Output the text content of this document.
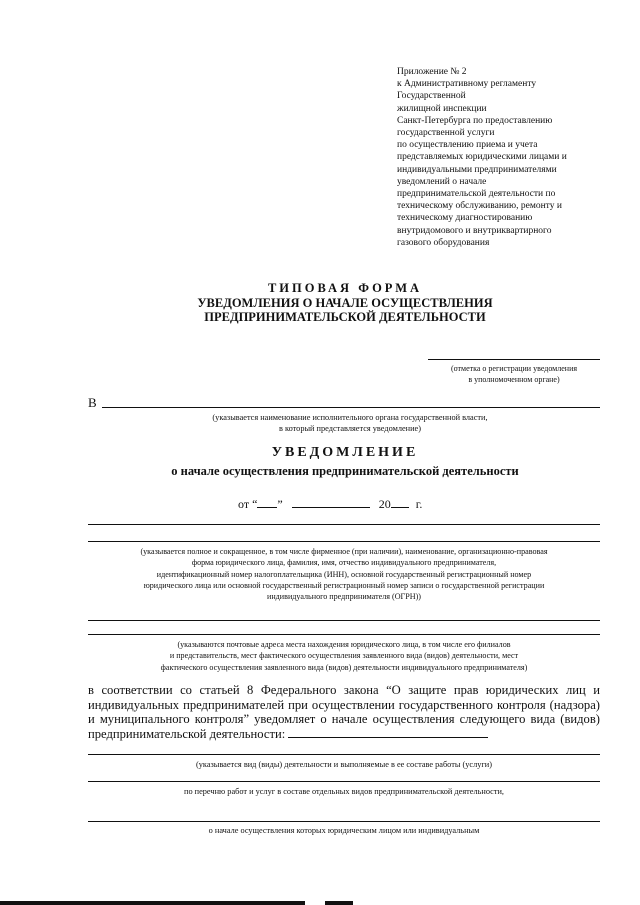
Приложение № 2
к Административному регламенту
Государственной
жилищной инспекции
Санкт-Петербурга по предоставлению
государственной услуги
по осуществлению приема и учета
представляемых юридическими лицами и
индивидуальными предпринимателями
уведомлений о начале
предпринимательской деятельности по
техническому обслуживанию, ремонту и
техническому диагностированию
внутридомового и внутриквартирного
газового оборудования
ТИПОВАЯ ФОРМА
УВЕДОМЛЕНИЯ О НАЧАЛЕ ОСУЩЕСТВЛЕНИЯ
ПРЕДПРИНИМАТЕЛЬСКОЙ ДЕЯТЕЛЬНОСТИ
(отметка о регистрации уведомления
в уполномоченном органе)
В
(указывается наименование исполнительного органа государственной власти,
в который представляется уведомление)
УВЕДОМЛЕНИЕ
о начале осуществления предпринимательской деятельности
от “ ”	20 г.
(указывается полное и сокращенное, в том числе фирменное (при наличии), наименование, организационно-правовая
форма юридического лица, фамилия, имя, отчество индивидуального предпринимателя,
идентификационный номер налогоплательщика (ИНН), основной государственный регистрационный номер
юридического лица или основной государственный регистрационный номер записи о государственной регистрации
индивидуального предпринимателя (ОГРН))
(указываются почтовые адреса места нахождения юридического лица, в том числе его филиалов
и представительств, мест фактического осуществления заявленного вида (видов) деятельности, мест
фактического осуществления заявленного вида (видов) деятельности индивидуального предпринимателя)
в соответствии со статьей 8 Федерального закона “О защите прав юридических лиц и индивидуальных предпринимателей при осуществлении государственного контроля (надзора) и муниципального контроля” уведомляет о начале осуществления следующего вида (видов) предпринимательской деятельности:
(указывается вид (виды) деятельности и выполняемые в ее составе работы (услуги)
по перечню работ и услуг в составе отдельных видов предпринимательской деятельности,
о начале осуществления которых юридическим лицом или индивидуальным
